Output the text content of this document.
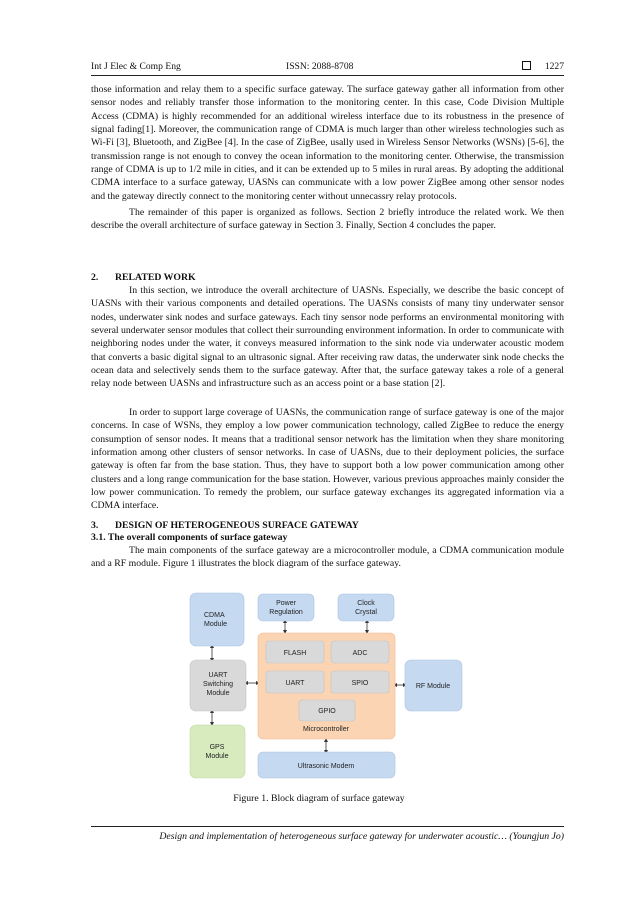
Int J Elec & Comp Eng	ISSN: 2088-8708	1227

those information and relay them to a specific surface gateway. The surface gateway gather all information from other sensor nodes and reliably transfer those information to the monitoring center. In this case, Code Division Multiple Access (CDMA) is highly recommended for an additional wireless interface due to its robustness in the presence of signal fading[1]. Moreover, the communication range of CDMA is much larger than other wireless technologies such as Wi-Fi [3], Bluetooth, and ZigBee [4]. In the case of ZigBee, usally used in Wireless Sensor Networks (WSNs) [5-6], the transmission range is not enough to convey the ocean information to the monitoring center. Otherwise, the transmission range of CDMA is up to 1/2 mile in cities, and it can be extended up to 5 miles in rural areas. By adopting the additional CDMA interface to a surface gateway, UASNs can communicate with a low power ZigBee among other sensor nodes and the gateway directly connect to the monitoring center without unnecassry relay protocols.

The remainder of this paper is organized as follows. Section 2 briefly introduce the related work. We then describe the overall architecture of surface gateway in Section 3. Finally, Section 4 concludes the paper.

2. RELATED WORK

In this section, we introduce the overall architecture of UASNs. Especially, we describe the basic concept of UASNs with their various components and detailed operations. The UASNs consists of many tiny underwater sensor nodes, underwater sink nodes and surface gateways. Each tiny sensor node performs an environmental monitoring with several underwater sensor modules that collect their surrounding environment information. In order to communicate with neighboring nodes under the water, it conveys measured information to the sink node via underwater acoustic modem that converts a basic digital signal to an ultrasonic signal. After receiving raw datas, the underwater sink node checks the ocean data and selectively sends them to the surface gateway. After that, the surface gateway takes a role of a general relay node between UASNs and infrastructure such as an access point or a base station [2].

In order to support large coverage of UASNs, the communication range of surface gateway is one of the major concerns. In case of WSNs, they employ a low power communication technology, called ZigBee to reduce the energy consumption of sensor nodes. It means that a traditional sensor network has the limitation when they share monitoring information among other clusters of sensor networks. In case of UASNs, due to their deployment policies, the surface gateway is often far from the base station. Thus, they have to support both a low power communication among other clusters and a long range communication for the base station. However, various previous approaches mainly consider the low power communication. To remedy the problem, our surface gateway exchanges its aggregated information via a CDMA interface.

3. DESIGN OF HETEROGENEOUS SURFACE GATEWAY

3.1. The overall components of surface gateway

The main components of the surface gateway are a microcontroller module, a CDMA communication module and a RF module. Figure 1 illustrates the block diagram of the surface gateway.

Power
Regulation
Clock
Crystal
CDMA
Module
Microcontroller
FLASH	ADC
UART	SPIO
GPIO
UART
Switching
Module
RF Module
GPS
Module
Ultrasonic Modem
Figure 1. Block diagram of surface gateway
Design and implementation of heterogeneous surface gateway for underwater acoustic… (Youngjun Jo)
